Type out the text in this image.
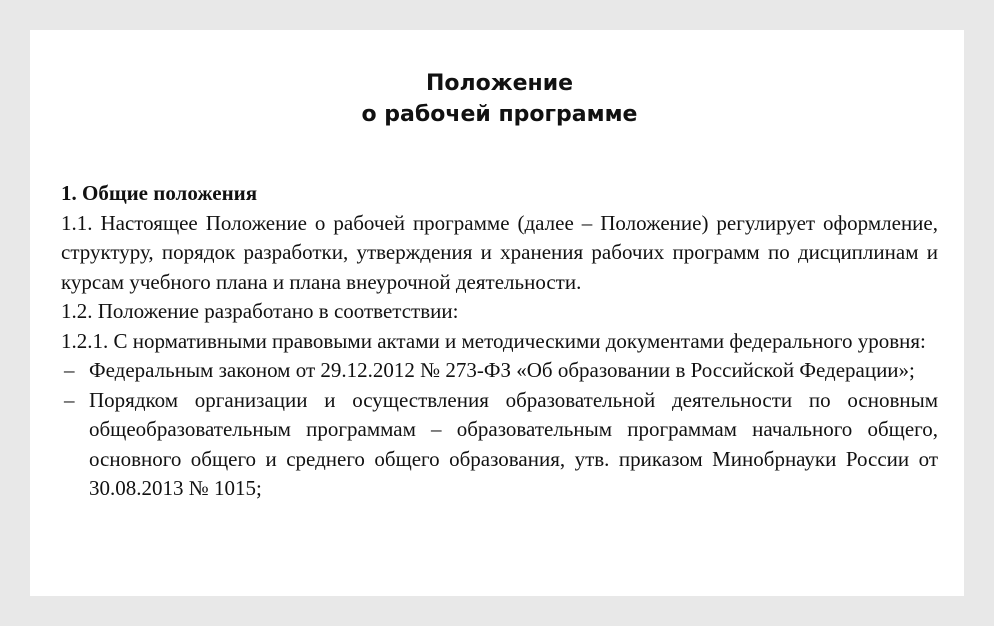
Положение
о рабочей программе
1. Общие положения

1.1. Настоящее Положение о рабочей программе (далее – Положение) регулирует оформление, структуру, порядок разработки, утверждения и хранения рабочих программ по дисциплинам и курсам учебного плана и плана внеурочной деятельности.

1.2. Положение разработано в соответствии:

1.2.1. С нормативными правовыми актами и методическими документами федерального уровня:

– Федеральным законом от 29.12.2012 № 273-ФЗ «Об образовании в Российской Федерации»;
– Порядком организации и осуществления образовательной деятельности по основным общеобразовательным программам – образовательным программам начального общего, основного общего и среднего общего образования, утв. приказом Минобрнауки России от 30.08.2013 № 1015;
